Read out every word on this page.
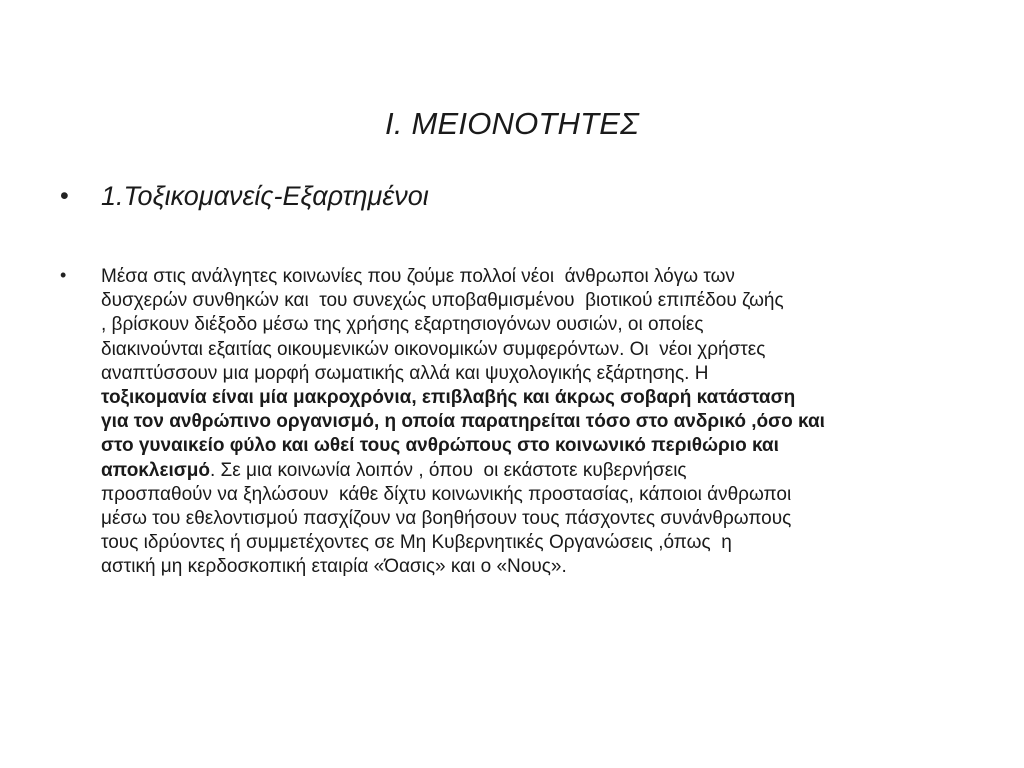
Ι. ΜΕΙΟΝΟΤΗΤΕΣ
• 1.Τοξικομανείς-Εξαρτημένοι
• Μέσα στις ανάλγητες κοινωνίες που ζούμε πολλοί νέοι  άνθρωποι λόγω των
δυσχερών συνθηκών και  του συνεχώς υποβαθμισμένου  βιοτικού επιπέδου ζωής
, βρίσκουν διέξοδο μέσω της χρήσης εξαρτησιογόνων ουσιών, οι οποίες
διακινούνται εξαιτίας οικουμενικών οικονομικών συμφερόντων. Οι  νέοι χρήστες
αναπτύσσουν μια μορφή σωματικής αλλά και ψυχολογικής εξάρτησης. Η
τοξικομανία είναι μία μακροχρόνια, επιβλαβής και άκρως σοβαρή κατάσταση
για τον ανθρώπινο οργανισμό, η οποία παρατηρείται τόσο στο ανδρικό ,όσο και
στο γυναικείο φύλο και ωθεί τους ανθρώπους στο κοινωνικό περιθώριο και
αποκλεισμό. Σε μια κοινωνία λοιπόν , όπου  οι εκάστοτε κυβερνήσεις
προσπαθούν να ξηλώσουν  κάθε δίχτυ κοινωνικής προστασίας, κάποιοι άνθρωποι
μέσω του εθελοντισμού πασχίζουν να βοηθήσουν τους πάσχοντες συνάνθρωπους
τους ιδρύοντες ή συμμετέχοντες σε Μη Κυβερνητικές Οργανώσεις ,όπως  η
αστική μη κερδοσκοπική εταιρία «Όασις» και ο «Νους».
